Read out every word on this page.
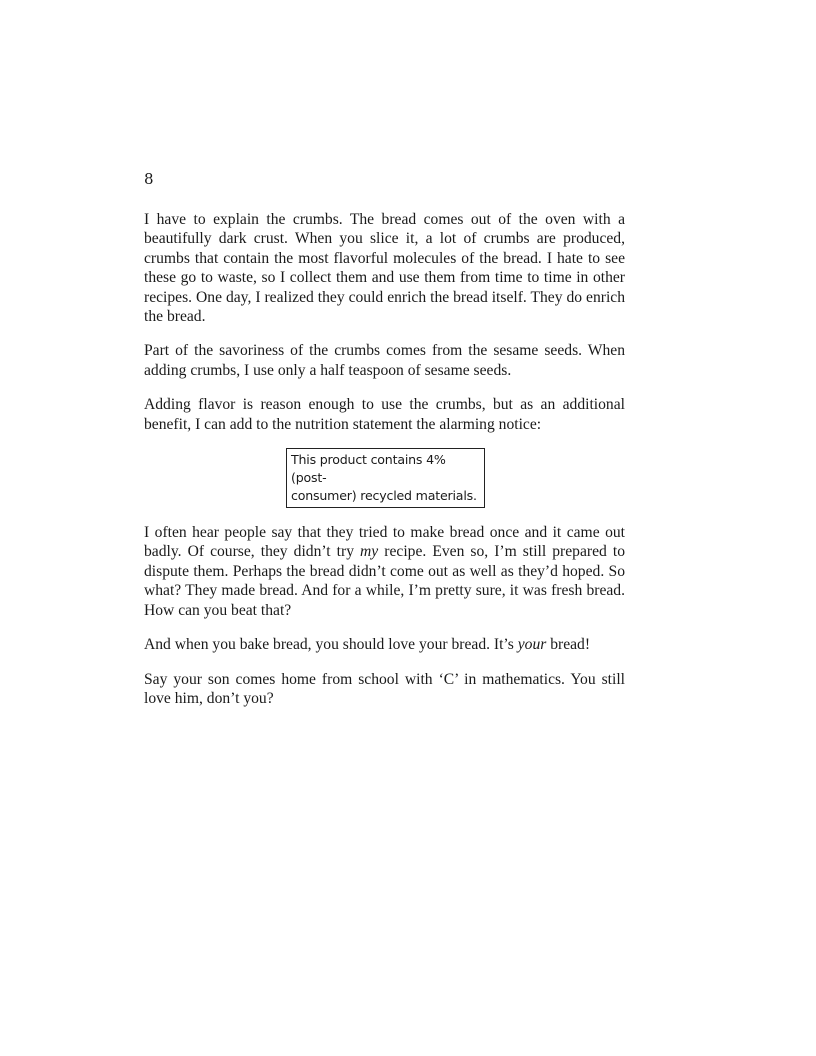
8

I have to explain the crumbs. The bread comes out of the oven with a beautifully dark crust. When you slice it, a lot of crumbs are produced, crumbs that contain the most flavorful molecules of the bread. I hate to see these go to waste, so I collect them and use them from time to time in other recipes. One day, I realized they could enrich the bread itself. They do enrich the bread.

Part of the savoriness of the crumbs comes from the sesame seeds. When adding crumbs, I use only a half teaspoon of sesame seeds.

Adding flavor is reason enough to use the crumbs, but as an additional benefit, I can add to the nutrition statement the alarming notice:

This product contains 4% (post-
consumer) recycled materials.

I often hear people say that they tried to make bread once and it came out badly. Of course, they didn’t try my recipe. Even so, I’m still prepared to dispute them. Perhaps the bread didn’t come out as well as they’d hoped. So what? They made bread. And for a while, I’m pretty sure, it was fresh bread. How can you beat that?

And when you bake bread, you should love your bread. It’s your bread!

Say your son comes home from school with ‘C’ in mathematics. You still love him, don’t you?
